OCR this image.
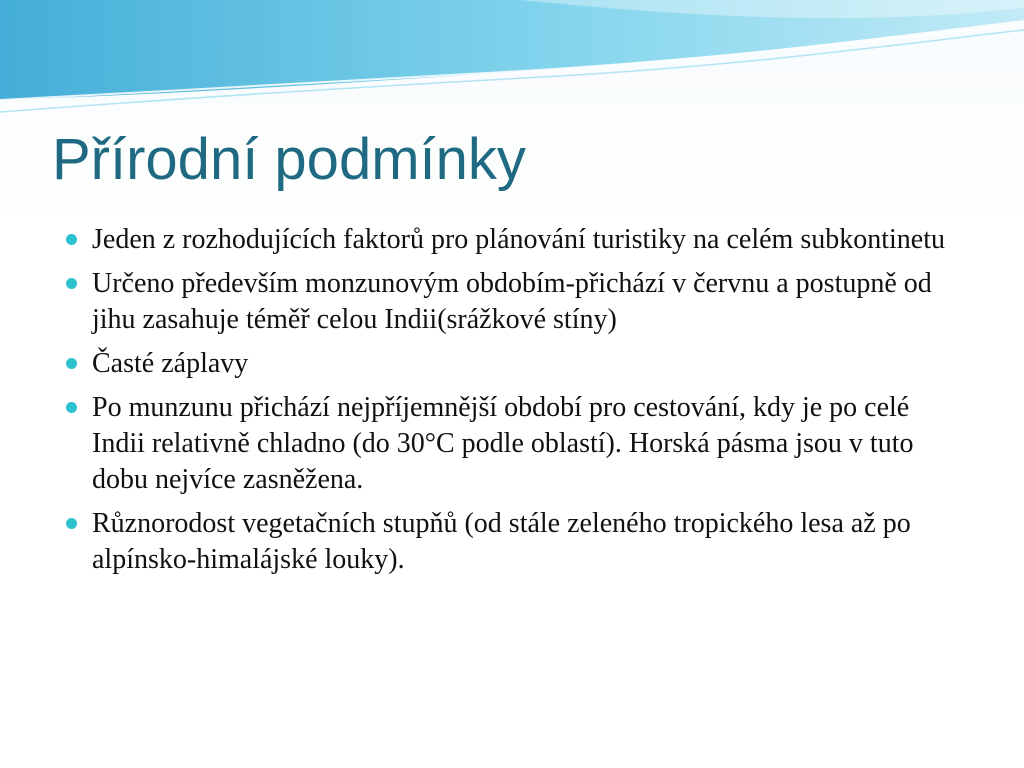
Přírodní podmínky
Jeden z rozhodujících faktorů pro plánování turistiky na celém subkontinetu
Určeno především monzunovým obdobím-přichází v červnu a postupně od jihu zasahuje téměř celou Indii(srážkové stíny)
Časté záplavy
Po munzunu přichází nejpříjemnější období pro cestování, kdy je po celé Indii relativně chladno (do 30°C podle oblastí). Horská pásma jsou v tuto dobu nejvíce zasněžena.
Různorodost vegetačních stupňů (od stále zeleného tropického lesa až po alpínsko-himalájské louky).
